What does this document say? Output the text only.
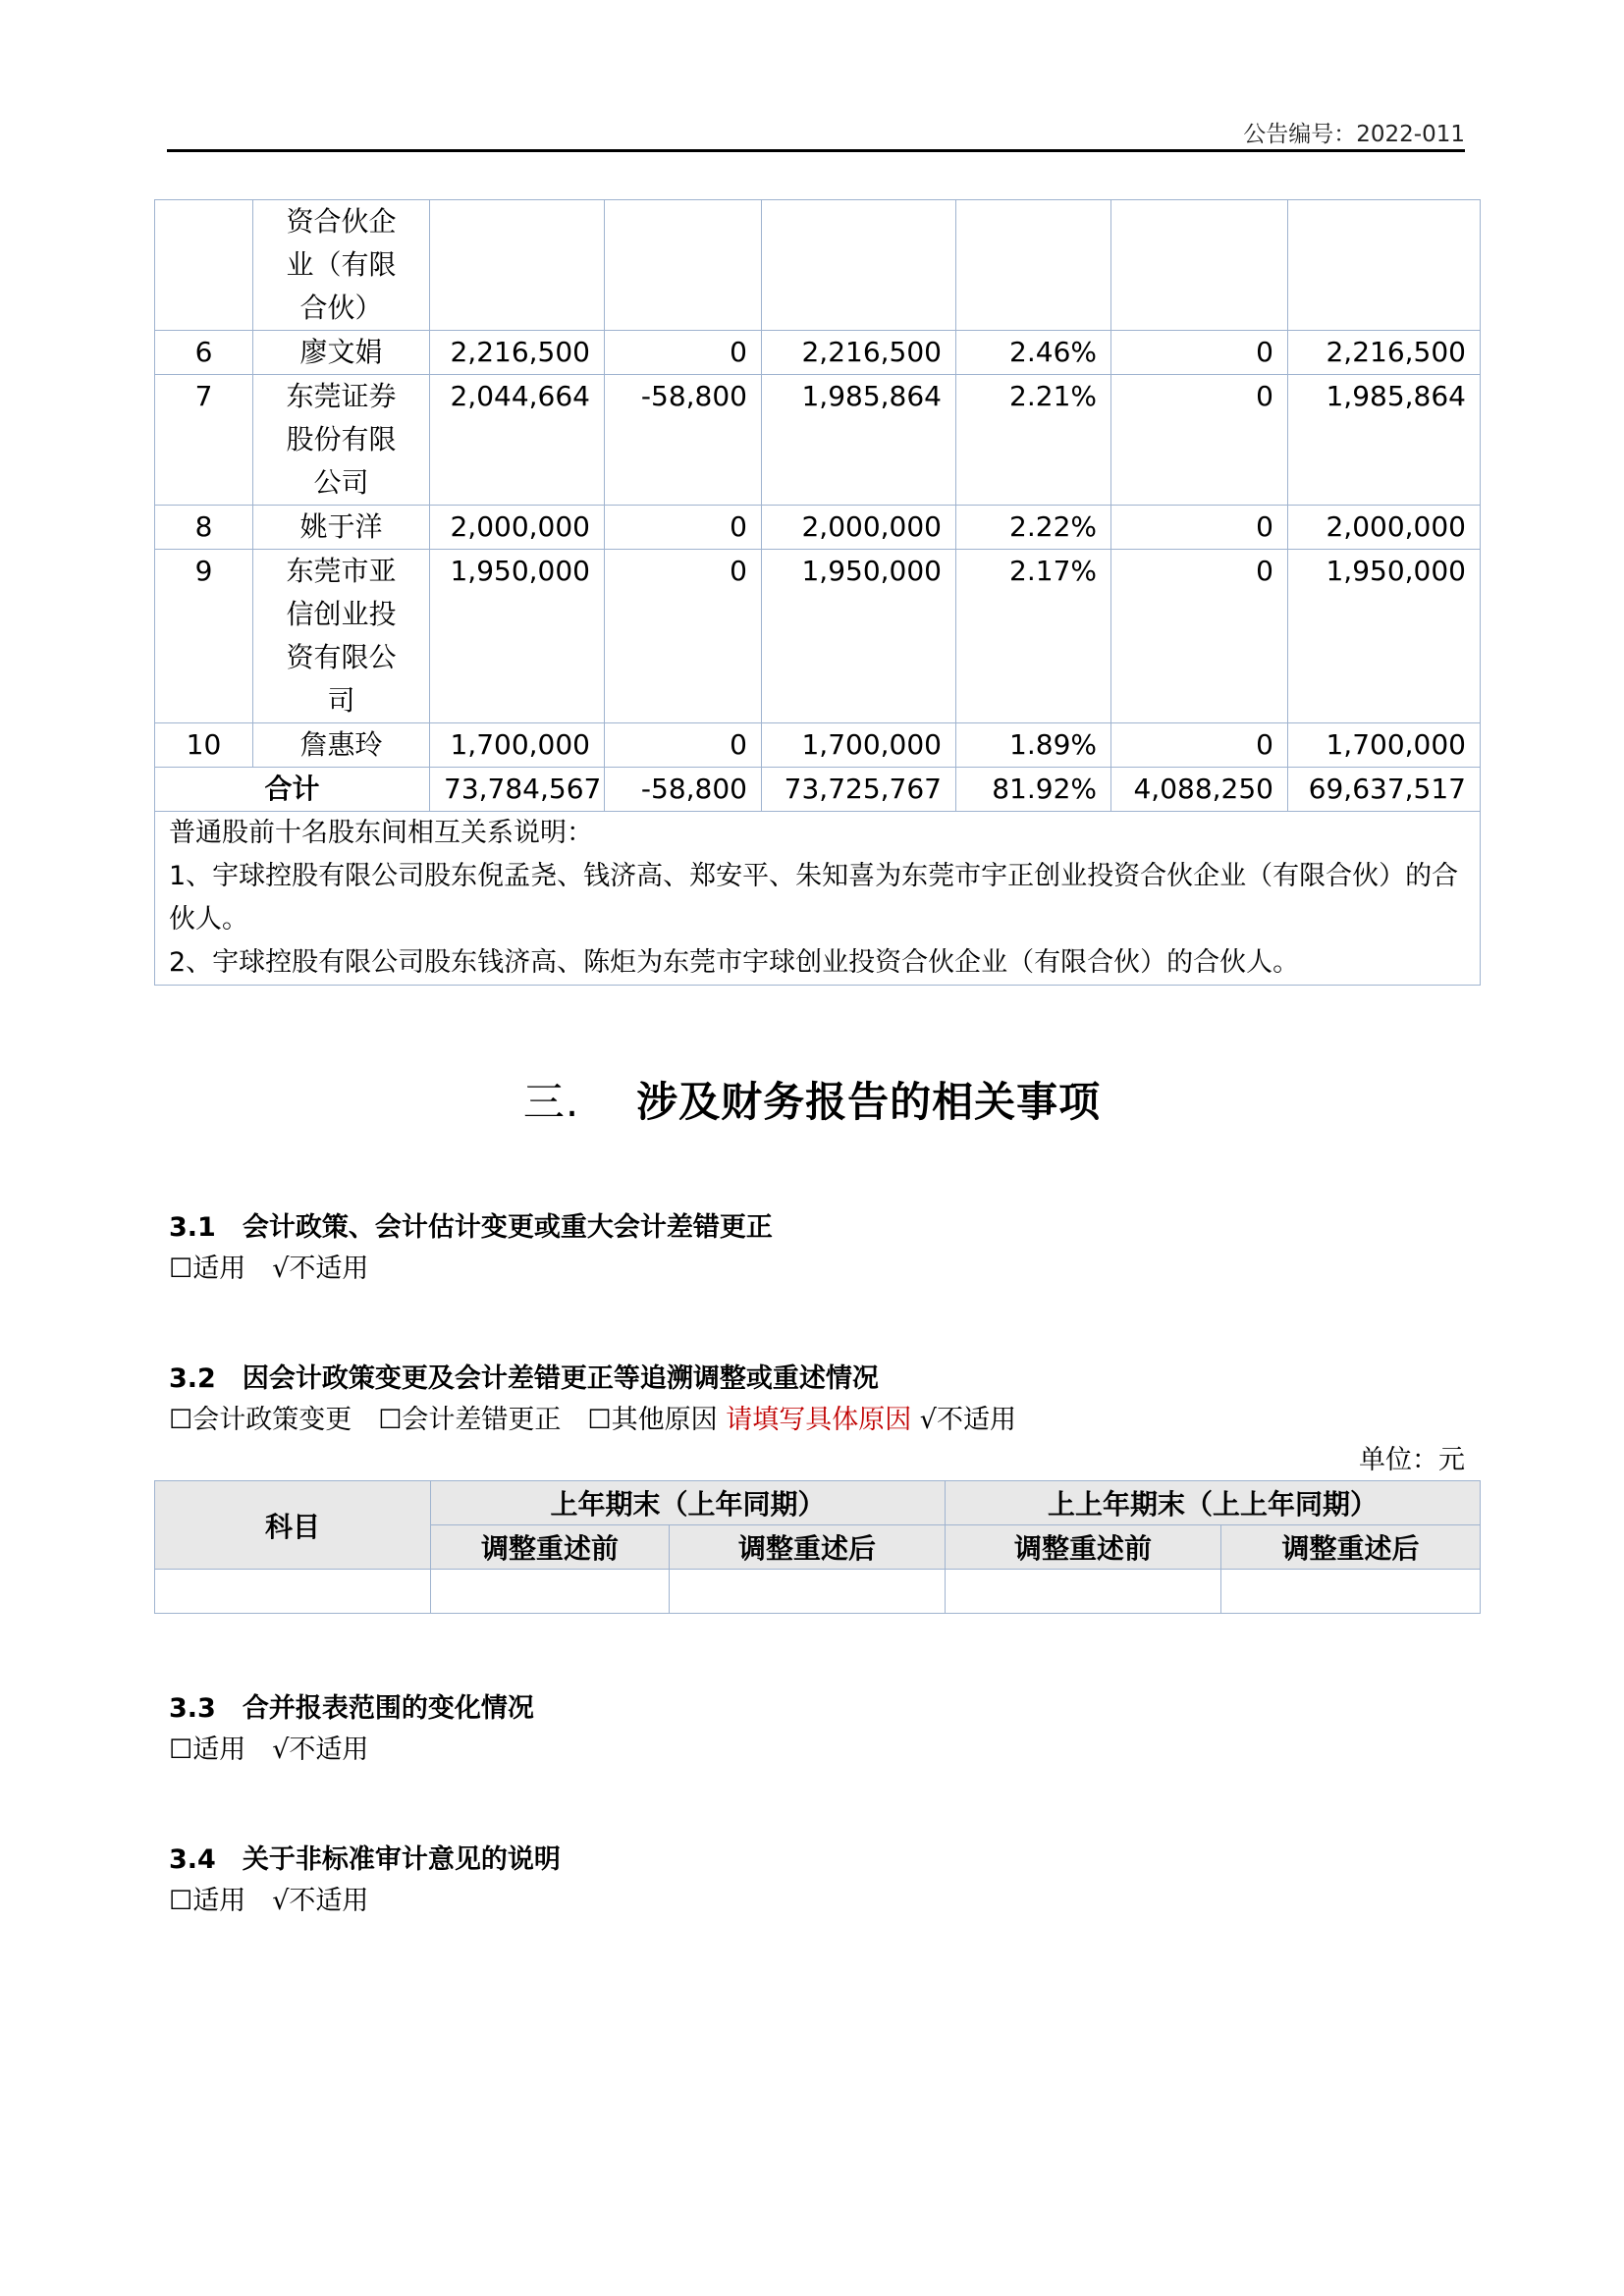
公告编号：2022-011
	资合伙企业（有限合伙）						
6	廖文娟	2,216,500	0	2,216,500	2.46%	0	2,216,500
7	东莞证券股份有限公司	2,044,664	-58,800	1,985,864	2.21%	0	1,985,864
8	姚于洋	2,000,000	0	2,000,000	2.22%	0	2,000,000
9	东莞市亚信创业投资有限公司	1,950,000	0	1,950,000	2.17%	0	1,950,000
10	詹惠玲	1,700,000	0	1,700,000	1.89%	0	1,700,000
合计		73,784,567	-58,800	73,725,767	81.92%	4,088,250	69,637,517

普通股前十名股东间相互关系说明：
1、宇球控股有限公司股东倪孟尧、钱济高、郑安平、朱知喜为东莞市宇正创业投资合伙企业（有限合伙）的合伙人。
2、宇球控股有限公司股东钱济高、陈炬为东莞市宇球创业投资合伙企业（有限合伙）的合伙人。							
三. 涉及财务报告的相关事项
3.1　会计政策、会计估计变更或重大会计差错更正
☐适用　√不适用
3.2　因会计政策变更及会计差错更正等追溯调整或重述情况
☐会计政策变更　☐会计差错更正　☐其他原因 请填写具体原因 √不适用
单位：元
科目	上年期末（上年同期）		上上年期末（上上年同期）	
	调整重述前	调整重述后	调整重述前	调整重述后

3.3　合并报表范围的变化情况
☐适用　√不适用
3.4　关于非标准审计意见的说明
☐适用　√不适用
